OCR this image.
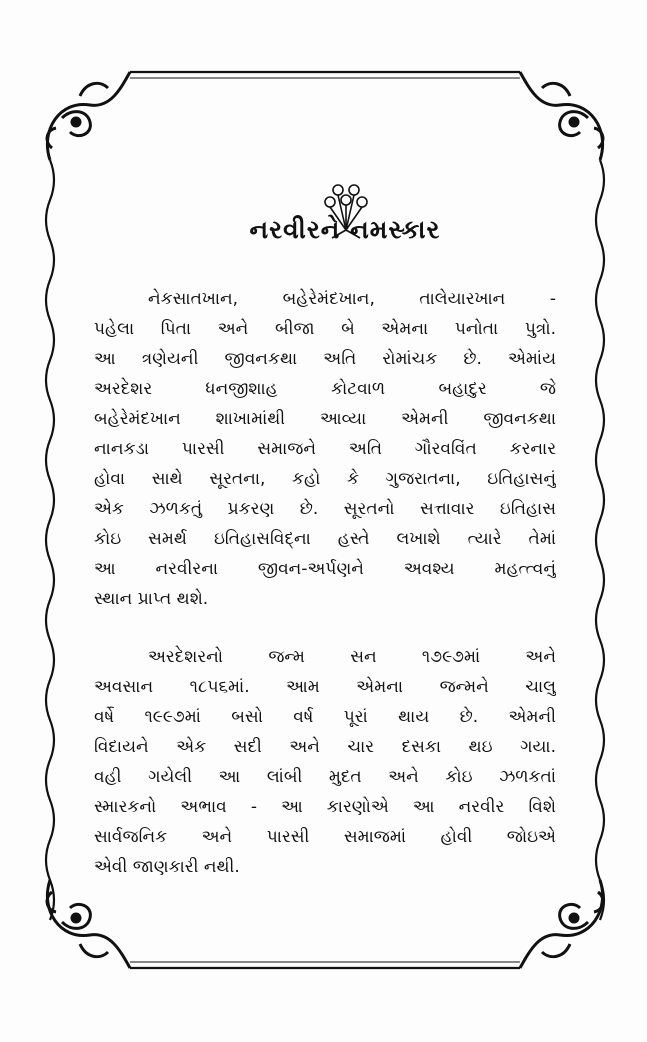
નરવીરને નમસ્કાર
નેકસાતખાન, બહેરેમંદખાન, તાલેયારખાન -
પહેલા પિતા અને બીજા બે એમના પનોતા પુત્રો.
આ ત્રણેયની જીવનકથા અતિ રોમાંચક છે. એમાંય
અરદેશર ધનજીશાહ કોટવાળ બહાદુર જે
બહેરેમંદખાન શાખામાંથી આવ્યા એમની જીવનકથા
નાનકડા પારસી સમાજને અતિ ગૌરવવિંત કરનાર
હોવા સાથે સૂરતના, કહો કે ગુજરાતના, ઇતિહાસનું
એક ઝળકતું પ્રકરણ છે. સૂરતનો સત્તાવાર ઇતિહાસ
કોઇ સમર્થ ઇતિહાસવિદ્ના હસ્તે લખાશે ત્યારે તેમાં
આ નરવીરના જીવન-અર્પણને અવશ્ય મહત્ત્વનું
સ્થાન પ્રાપ્ત થશે.
અરદેશરનો જન્મ સન ૧૭૯૭માં અને
અવસાન ૧૮૫૬માં. આમ એમના જન્મને ચાલુ
વર્ષે ૧૯૯૭માં બસો વર્ષ પૂરાં થાય છે. એમની
વિદાયને એક સદી અને ચાર દસકા થઇ ગયા.
વહી ગયેલી આ લાંબી મુદત અને કોઇ ઝળકતાં
સ્મારકનો અભાવ - આ કારણોએ આ નરવીર વિશે
સાર્વજનિક અને પારસી સમાજમાં હોવી જોઇએ
એવી જાણકારી નથી.
